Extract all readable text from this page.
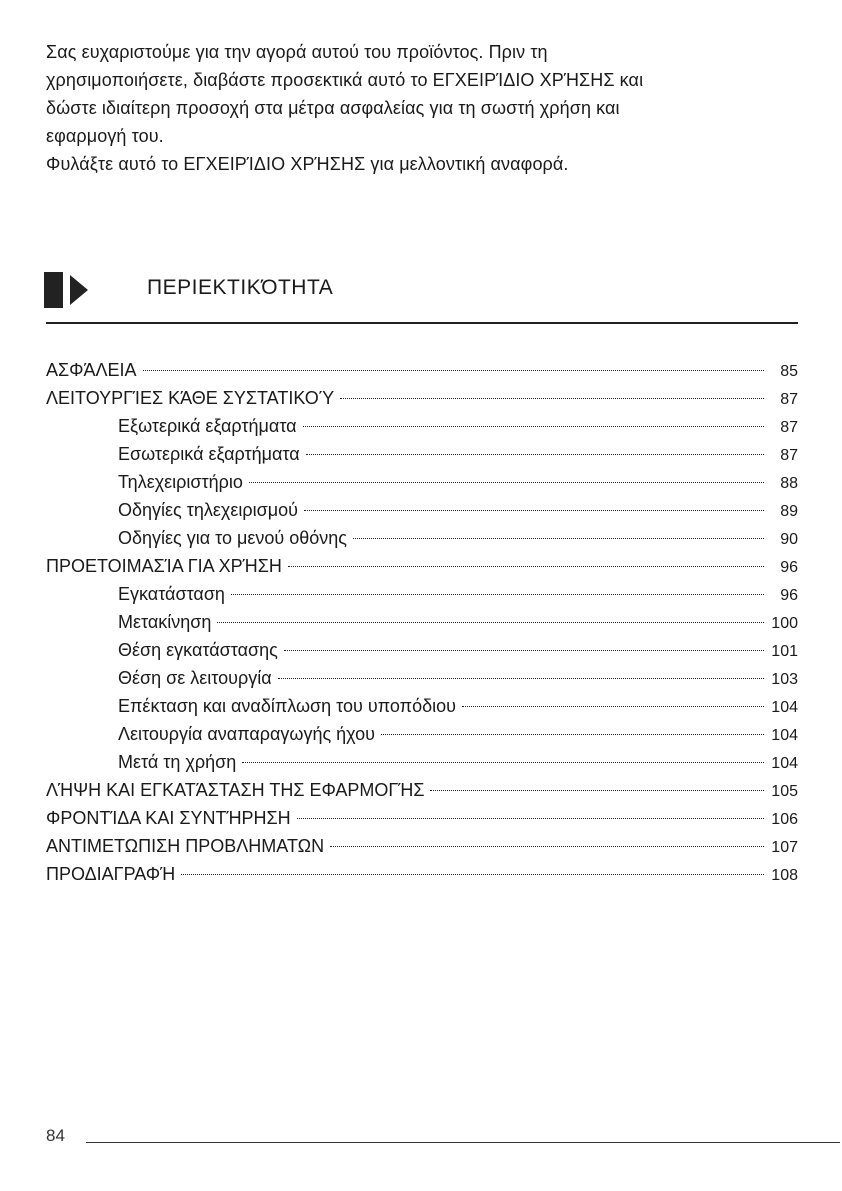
Σας ευχαριστούμε για την αγορά αυτού του προϊόντος. Πριν τη
χρησιμοποιήσετε, διαβάστε προσεκτικά αυτό το ΕΓΧΕΙΡΊΔΙΟ ΧΡΉΣΗΣ και
δώστε ιδιαίτερη προσοχή στα μέτρα ασφαλείας για τη σωστή χρήση και
εφαρμογή του.
Φυλάξτε αυτό το ΕΓΧΕΙΡΊΔΙΟ ΧΡΉΣΗΣ για μελλοντική αναφορά.

ΠΕΡΙΕΚΤΙΚΌΤΗΤΑ
ΑΣΦΆΛΕΙΑ	85
ΛΕΙΤΟΥΡΓΊΕΣ ΚΆΘΕ ΣΥΣΤΑΤΙΚΟΎ	87
Εξωτερικά εξαρτήματα	87
Εσωτερικά εξαρτήματα	87
Τηλεχειριστήριο	88
Οδηγίες τηλεχειρισμού	89
Οδηγίες για το μενού οθόνης	90
ΠΡΟΕΤΟΙΜΑΣΊΑ ΓΙΑ ΧΡΉΣΗ	96
Εγκατάσταση	96
Μετακίνηση	100
Θέση εγκατάστασης	101
Θέση σε λειτουργία	103
Επέκταση και αναδίπλωση του υποπόδιου	104
Λειτουργία αναπαραγωγής ήχου	104
Μετά τη χρήση	104
ΛΉΨΗ ΚΑΙ ΕΓΚΑΤΆΣΤΑΣΗ ΤΗΣ ΕΦΑΡΜΟΓΉΣ	105
ΦΡΟΝΤΊΔΑ ΚΑΙ ΣΥΝΤΉΡΗΣΗ	106
ΑΝΤΙΜΕΤΩΠΙΣΗ ΠΡΟΒΛΗΜΑΤΩΝ	107
ΠΡΟΔΙΑΓΡΑΦΉ	108
84
